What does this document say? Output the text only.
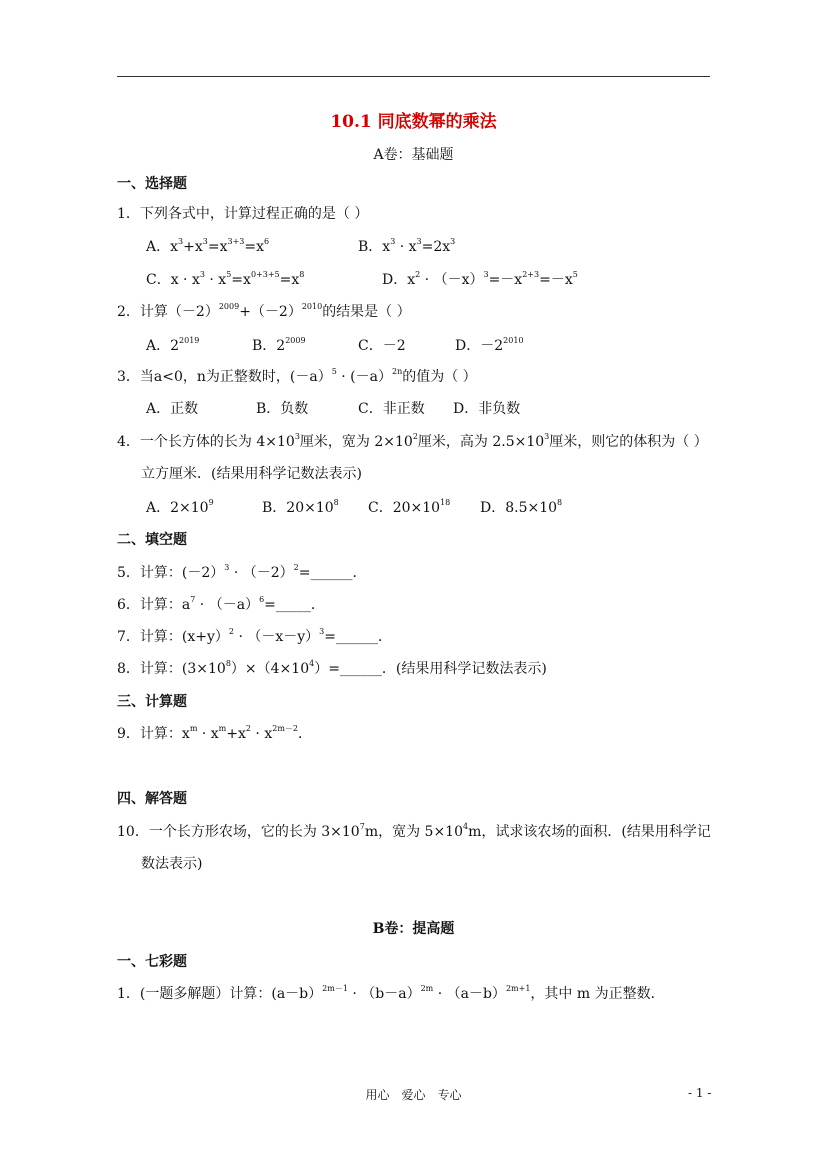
10.1 同底数幂的乘法
A卷：基础题
一、选择题
1．下列各式中，计算过程正确的是（ ）
A．$x^3+x^3=x^{3+3}=x^6$	B．$x^3 \cdot x^3=2x^3$
C．$x \cdot x^3 \cdot x^5=x^{0+3+5}=x^8$	D．$x^2 \cdot (-x)^3=-x^{2+3}=-x^5$
2．计算$(-2)^{2009}+(-2)^{2010}$的结果是（ ）
A．$2^{2019}$	B．$2^{2009}$	C．－2	D．$-2^{2010}$
3．当a<0，n为正整数时，(－a）$^5$ · (－a）$^{2n}$的值为（ ）
A．正数	B．负数	C．非正数 D．非负数
4．一个长方体的长为 $4\times 10^3$厘米，宽为 $2\times 10^2$厘米，高为 $2.5\times 10^3$厘米，则它的体积为（ ）
立方厘米．(结果用科学记数法表示)
A．$2\times 10^9$	B．$20\times 10^8$ C．$20\times 10^{18}$ D．$8.5\times 10^8$
二、填空题
5．计算：$(-2)^3 \cdot (-2)^2=\_\_\_\_\_\_$．
6．计算：$a^7$ · $(-a)^6=\_\_\_\_\_$．
7．计算：$(x+y)^2 \cdot (-x-y)^3=\_\_\_\_\_\_$．
8．计算：$(3\times 10^8)\times(4\times 10^4)=\_\_\_\_\_\_$．(结果用科学记数法表示)
三、计算题
9．计算：$x^m \cdot x^m+x^2 \cdot x^{2m-2}$．
四、解答题
10．一个长方形农场，它的长为 $3\times 10^7m$，宽为 $5\times 10^4m$，试求该农场的面积．(结果用科学记
数法表示)
B卷：提高题
一、七彩题
1．(一题多解题）计算：$(a-b)^{2m-1} \cdot (b-a)^{2m} \cdot (a-b)^{2m+1}$，其中 m 为正整数．
用心　爱心　专心	- 1 -
